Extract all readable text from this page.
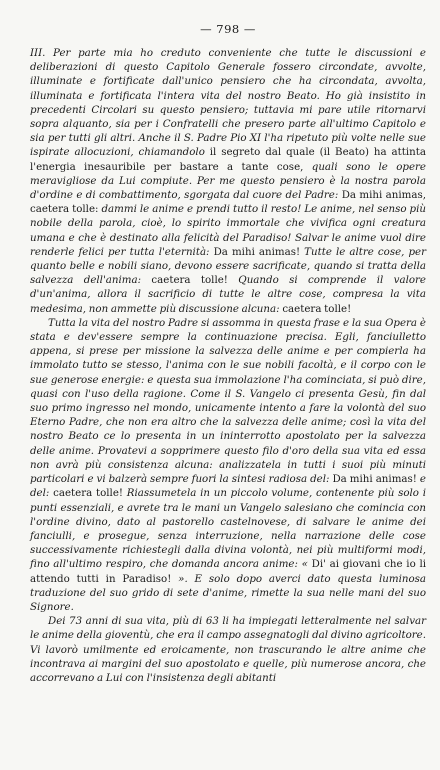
— 798 —

III. Per parte mia ho creduto conveniente che tutte le discussioni e deliberazioni di questo Capitolo Generale fossero circondate, avvolte, illuminate e fortificate dall'unico pensiero che ha circondata, avvolta, illuminata e fortificata l'intera vita del nostro Beato. Ho già insistito in precedenti Circolari su questo pensiero; tuttavia mi pare utile ritornarvi sopra alquanto, sia per i Confratelli che presero parte all'ultimo Capitolo e sia per tutti gli altri. Anche il S. Padre Pio XI l'ha ripetuto più volte nelle sue ispirate allocuzioni, chiamandolo il segreto dal quale (il Beato) ha attinta l'energia inesauribile per bastare a tante cose, quali sono le opere meravigliose da Lui compiute. Per me questo pensiero è la nostra parola d'ordine e di combattimento, sgorgata dal cuore del Padre: Da mihi animas, caetera tolle: dammi le anime e prendi tutto il resto! Le anime, nel senso più nobile della parola, cioè, lo spirito immortale che vivifica ogni creatura umana e che è destinato alla felicità del Paradiso! Salvar le anime vuol dire renderle felici per tutta l'eternità: Da mihi animas! Tutte le altre cose, per quanto belle e nobili siano, devono essere sacrificate, quando si tratta della salvezza dell'anima: caetera tolle! Quando si comprende il valore d'un'anima, allora il sacrificio di tutte le altre cose, compresa la vita medesima, non ammette più discussione alcuna: caetera tolle!

Tutta la vita del nostro Padre si assomma in questa frase e la sua Opera è stata e dev'essere sempre la continuazione precisa. Egli, fanciulletto appena, si prese per missione la salvezza delle anime e per compierla ha immolato tutto se stesso, l'anima con le sue nobili facoltà, e il corpo con le sue generose energie: e questa sua immolazione l'ha cominciata, si può dire, quasi con l'uso della ragione. Come il S. Vangelo ci presenta Gesù, fin dal suo primo ingresso nel mondo, unicamente intento a fare la volontà del suo Eterno Padre, che non era altro che la salvezza delle anime; così la vita del nostro Beato ce lo presenta in un ininterrotto apostolato per la salvezza delle anime. Provatevi a sopprimere questo filo d'oro della sua vita ed essa non avrà più consistenza alcuna: analizzatela in tutti i suoi più minuti particolari e vi balzerà sempre fuori la sintesi radiosa del: Da mihi animas! e del: caetera tolle! Riassumetela in un piccolo volume, contenente più solo i punti essenziali, e avrete tra le mani un Vangelo salesiano che comincia con l'ordine divino, dato al pastorello castelnovese, di salvare le anime dei fanciulli, e prosegue, senza interruzione, nella narrazione delle cose successivamente richiestegli dalla divina volontà, nei più multiformi modi, fino all'ultimo respiro, che domanda ancora anime: « Di' ai giovani che io li attendo tutti in Paradiso! ». E solo dopo averci dato questa luminosa traduzione del suo grido di sete d'anime, rimette la sua nelle mani del suo Signore.

Dei 73 anni di sua vita, più di 63 li ha impiegati letteralmente nel salvar le anime della gioventù, che era il campo assegnatogli dal divino agricoltore. Vi lavorò umilmente ed eroicamente, non trascurando le altre anime che incontrava ai margini del suo apostolato e quelle, più numerose ancora, che accorrevano a Lui con l'insistenza degli abitanti
